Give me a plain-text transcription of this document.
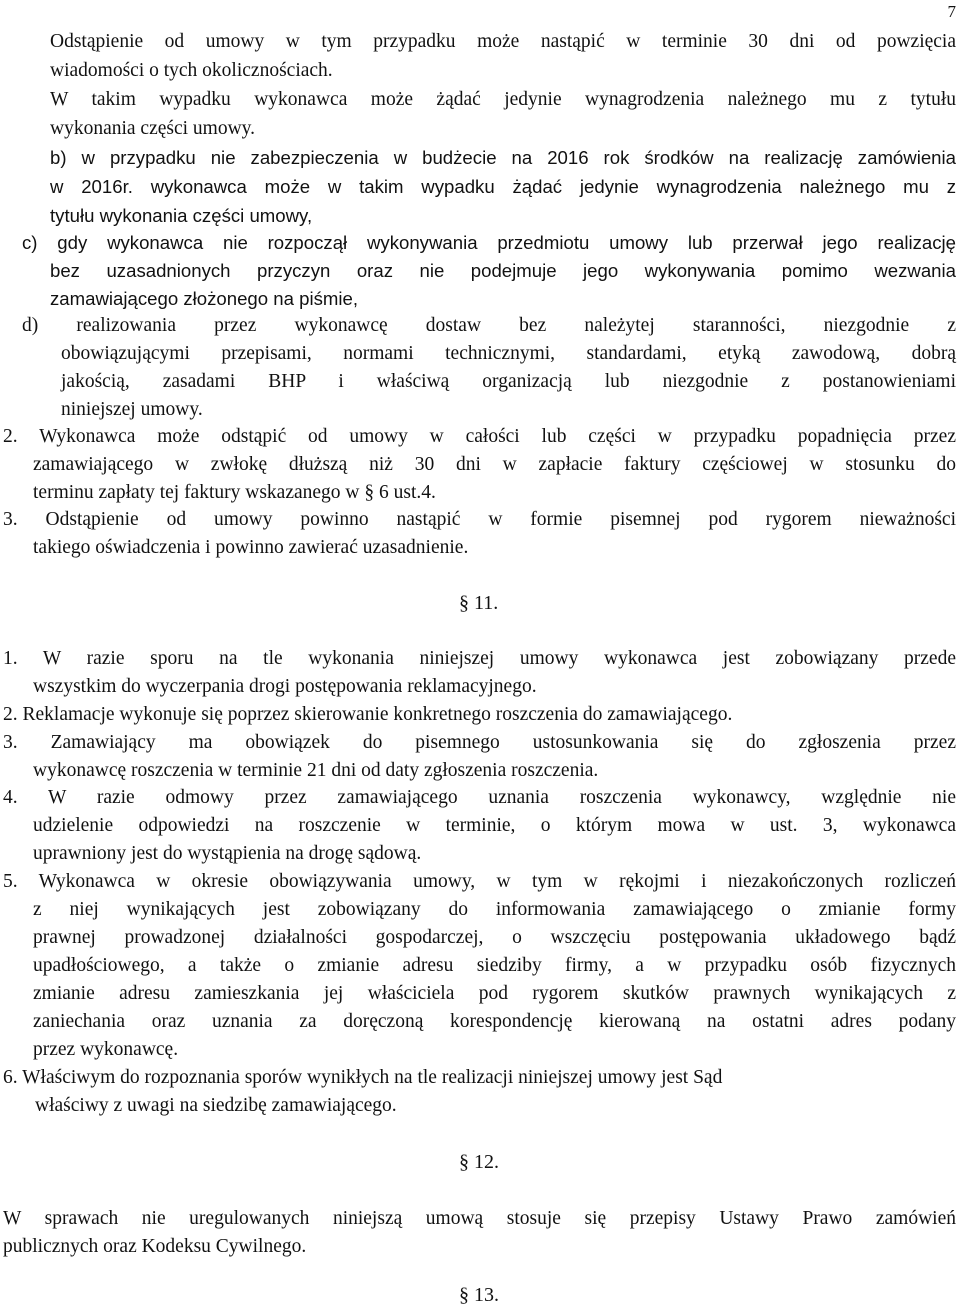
7
Odstąpienie od umowy w tym przypadku może nastąpić w terminie 30 dni od powzięcia
wiadomości o tych okolicznościach.
W takim wypadku wykonawca może żądać jedynie wynagrodzenia należnego mu z tytułu
wykonania części umowy.
b) w przypadku nie zabezpieczenia w budżecie na 2016 rok środków na realizację zamówienia
w 2016r. wykonawca może w takim wypadku żądać jedynie wynagrodzenia należnego mu z
tytułu wykonania części umowy,
c) gdy wykonawca nie rozpoczął wykonywania przedmiotu umowy lub przerwał jego realizację
bez uzasadnionych przyczyn oraz nie podejmuje jego wykonywania pomimo wezwania
zamawiającego złożonego na piśmie,
d) realizowania przez wykonawcę dostaw bez należytej staranności, niezgodnie z
obowiązującymi przepisami, normami technicznymi, standardami, etyką zawodową, dobrą
jakością, zasadami BHP i właściwą organizacją lub niezgodnie z postanowieniami
niniejszej umowy.
2. Wykonawca może odstąpić od umowy w całości lub części w przypadku popadnięcia przez
zamawiającego w zwłokę dłuższą niż 30 dni w zapłacie faktury częściowej w stosunku do
terminu zapłaty tej faktury wskazanego w § 6 ust.4.
3. Odstąpienie od umowy powinno nastąpić w formie pisemnej pod rygorem nieważności
takiego oświadczenia i powinno zawierać uzasadnienie.
§ 11.
1. W razie sporu na tle wykonania niniejszej umowy wykonawca jest zobowiązany przede
wszystkim do wyczerpania drogi postępowania reklamacyjnego.
2. Reklamacje wykonuje się poprzez skierowanie konkretnego roszczenia do zamawiającego.
3. Zamawiający ma obowiązek do pisemnego ustosunkowania się do zgłoszenia przez
wykonawcę roszczenia w terminie 21 dni od daty zgłoszenia roszczenia.
4. W razie odmowy przez zamawiającego uznania roszczenia wykonawcy, względnie nie
udzielenie odpowiedzi na roszczenie w terminie, o którym mowa w ust. 3, wykonawca
uprawniony jest do wystąpienia na drogę sądową.
5. Wykonawca w okresie obowiązywania umowy, w tym w rękojmi i niezakończonych rozliczeń
z niej wynikających jest zobowiązany do informowania zamawiającego o zmianie formy
prawnej prowadzonej działalności gospodarczej, o wszczęciu postępowania układowego bądź
upadłościowego, a także o zmianie adresu siedziby firmy, a w przypadku osób fizycznych
zmianie adresu zamieszkania jej właściciela pod rygorem skutków prawnych wynikających z
zaniechania oraz uznania za doręczoną korespondencję kierowaną na ostatni adres podany
przez wykonawcę.
6. Właściwym do rozpoznania sporów wynikłych na tle realizacji niniejszej umowy jest Sąd
właściwy z uwagi na siedzibę zamawiającego.
§ 12.
W sprawach nie uregulowanych niniejszą umową stosuje się przepisy Ustawy Prawo zamówień
publicznych oraz Kodeksu Cywilnego.
§ 13.
